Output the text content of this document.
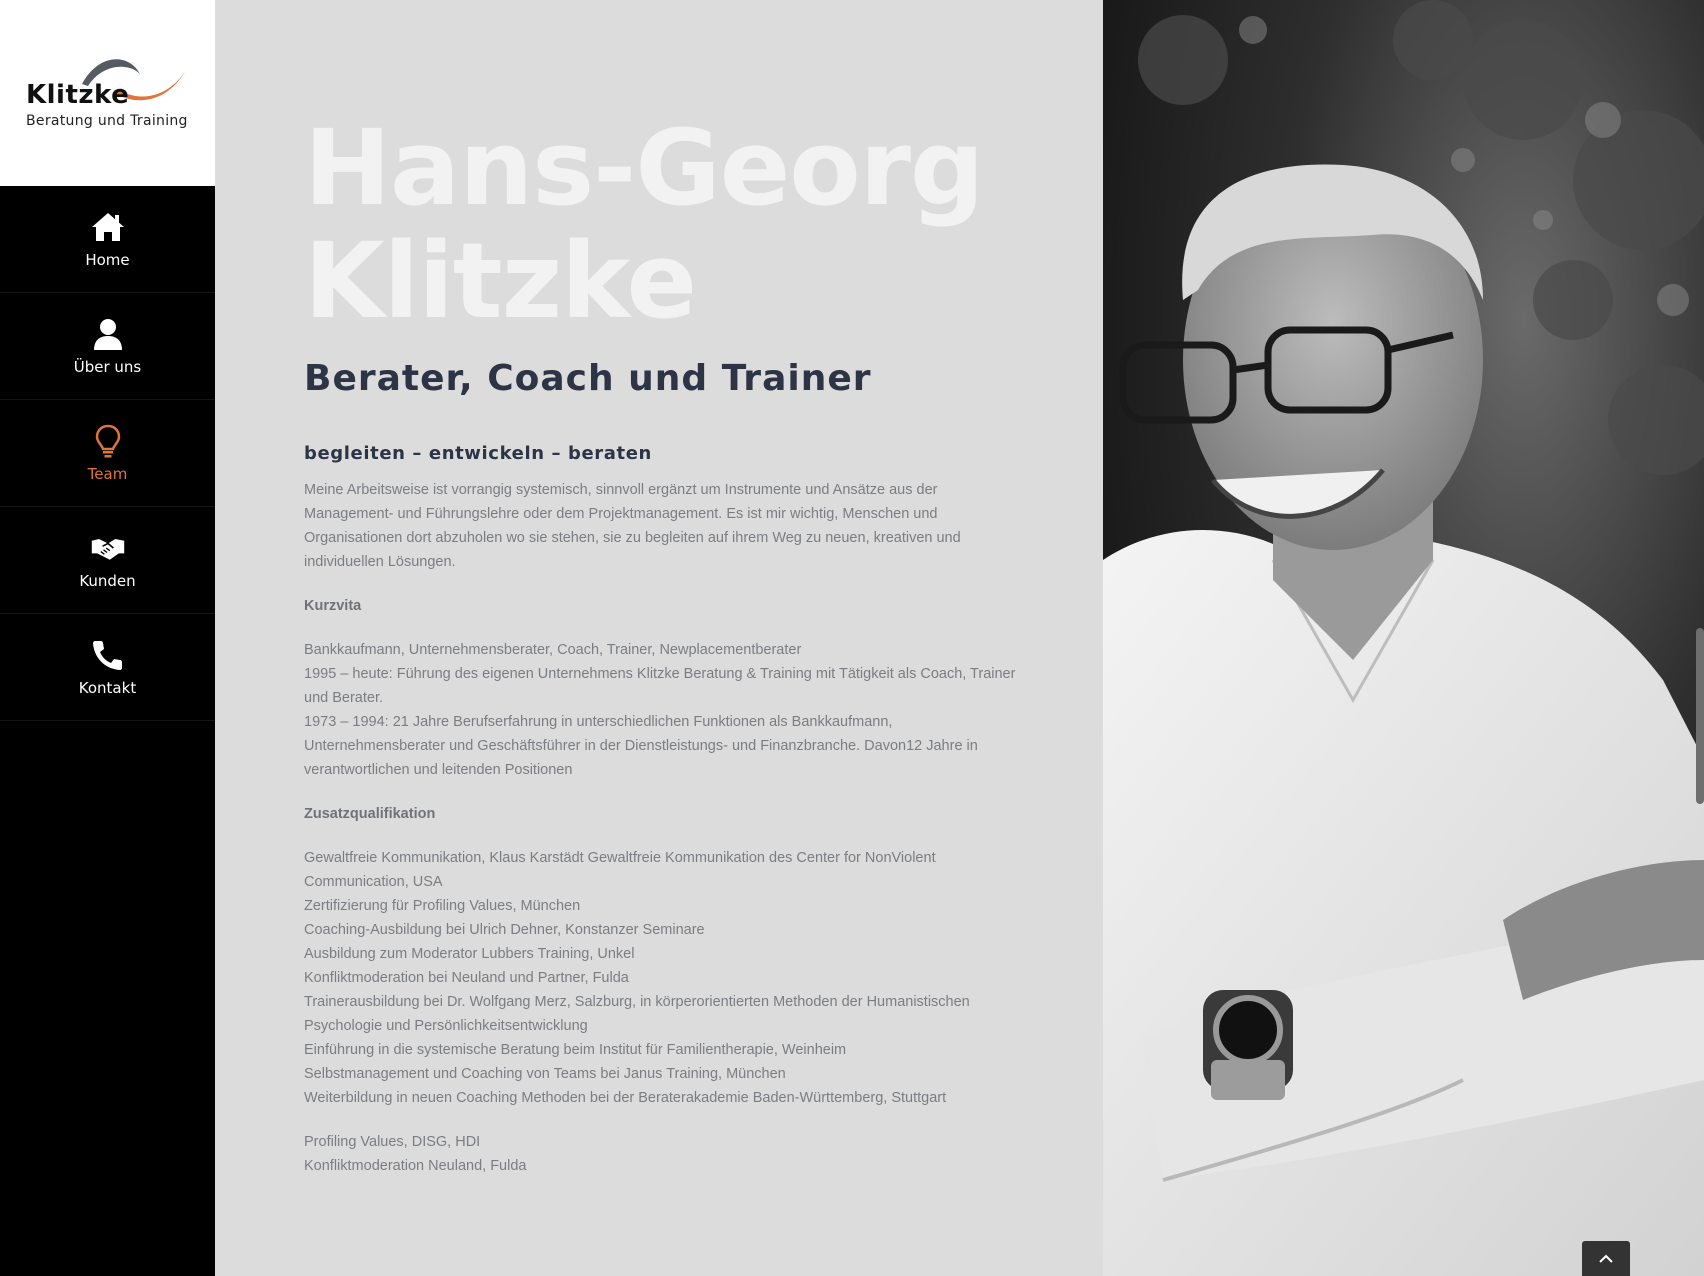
Klitzke
Beratung und Training
Home
Über uns
Team
Kunden
Kontakt
Hans-Georg
Klitzke
Berater, Coach und Trainer
begleiten – entwickeln – beraten

Meine Arbeitsweise ist vorrangig systemisch, sinnvoll ergänzt um Instrumente und Ansätze aus der Management- und Führungslehre oder dem Projektmanagement. Es ist mir wichtig, Menschen und Organisationen dort abzuholen wo sie stehen, sie zu begleiten auf ihrem Weg zu neuen, kreativen und individuellen Lösungen.

Kurzvita
Bankkaufmann, Unternehmensberater, Coach, Trainer, Newplacementberater
1995 – heute: Führung des eigenen Unternehmens Klitzke Beratung & Training mit Tätigkeit als Coach, Trainer und Berater.
1973 – 1994: 21 Jahre Berufserfahrung in unterschiedlichen Funktionen als Bankkaufmann, Unternehmensberater und Geschäftsführer in der Dienstleistungs- und Finanzbranche. Davon12 Jahre in verantwortlichen und leitenden Positionen
Zusatzqualifikation
Gewaltfreie Kommunikation, Klaus Karstädt Gewaltfreie Kommunikation des Center for NonViolent Communication, USA
Zertifizierung für Profiling Values, München
Coaching-Ausbildung bei Ulrich Dehner, Konstanzer Seminare
Ausbildung zum Moderator Lubbers Training, Unkel
Konfliktmoderation bei Neuland und Partner, Fulda
Trainerausbildung bei Dr. Wolfgang Merz, Salzburg, in körperorientierten Methoden der Humanistischen Psychologie und Persönlichkeitsentwicklung
Einführung in die systemische Beratung beim Institut für Familientherapie, Weinheim
Selbstmanagement und Coaching von Teams bei Janus Training, München
Weiterbildung in neuen Coaching Methoden bei der Beraterakademie Baden-Württemberg, Stuttgart
Profiling Values, DISG, HDI
Konfliktmoderation Neuland, Fulda
